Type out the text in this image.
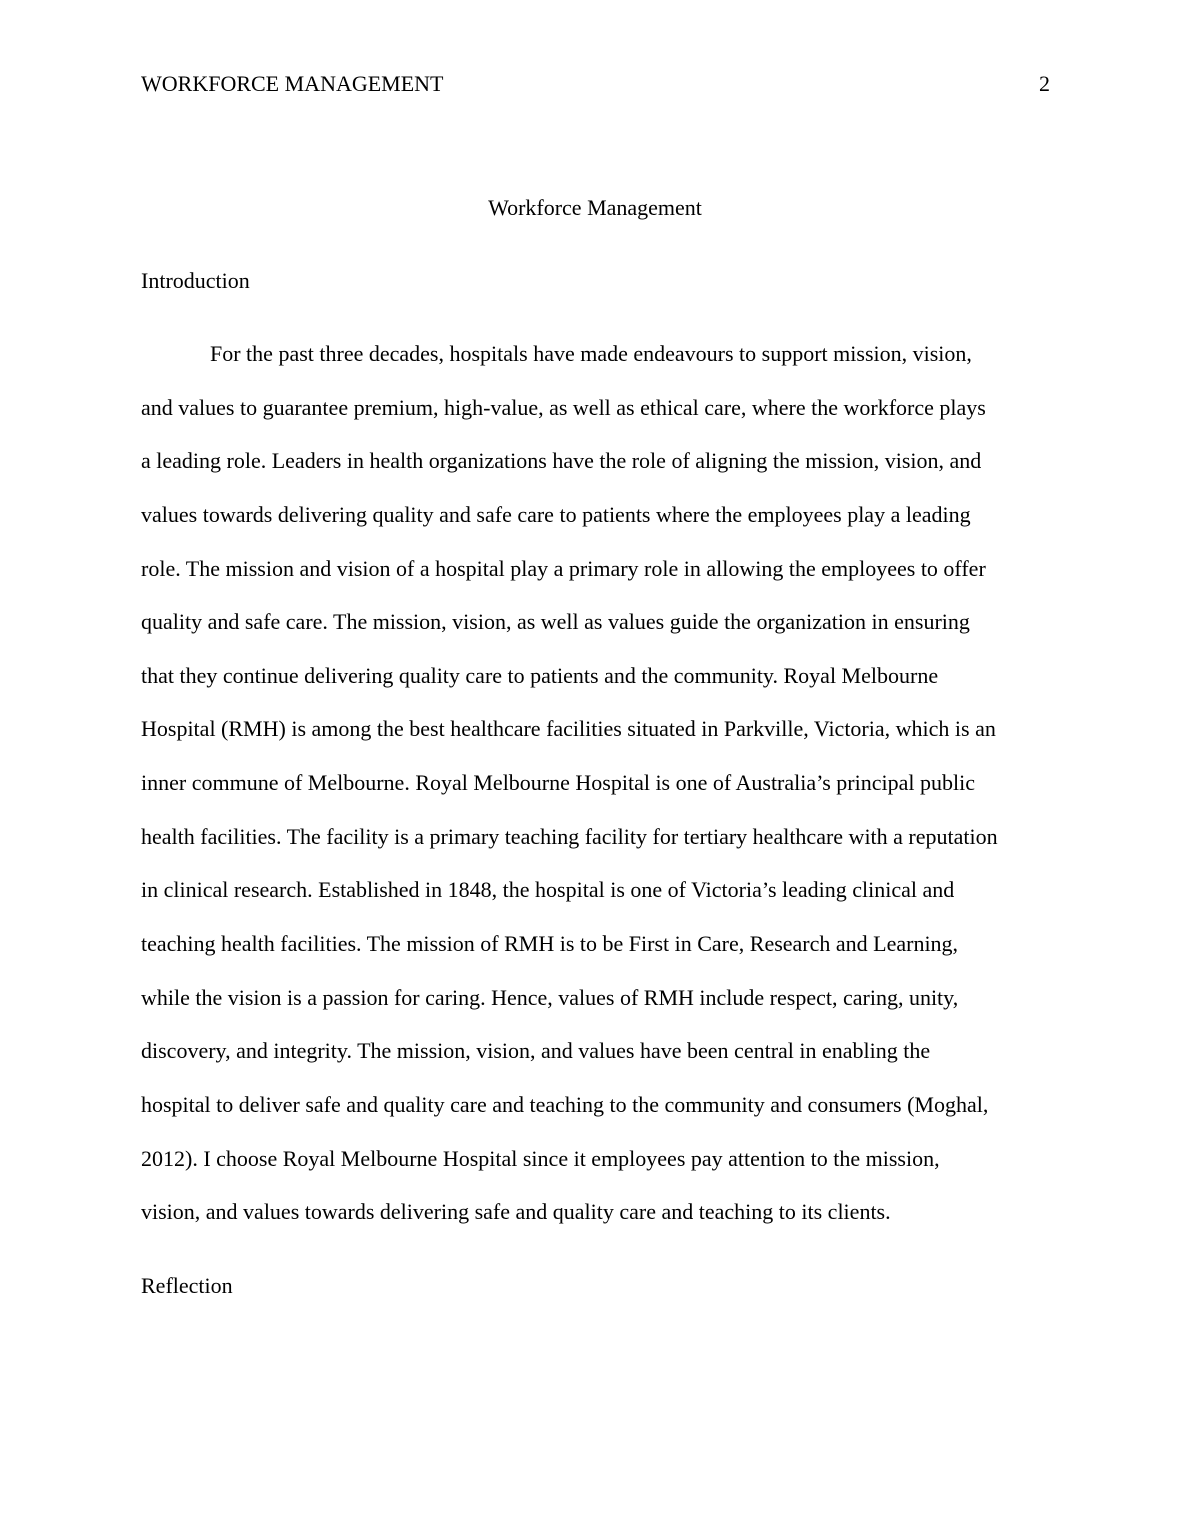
WORKFORCE MANAGEMENT	2
Workforce Management
Introduction
For the past three decades, hospitals have made endeavours to support mission, vision,
and values to guarantee premium, high-value, as well as ethical care, where the workforce plays
a leading role. Leaders in health organizations have the role of aligning the mission, vision, and
values towards delivering quality and safe care to patients where the employees play a leading
role. The mission and vision of a hospital play a primary role in allowing the employees to offer
quality and safe care. The mission, vision, as well as values guide the organization in ensuring
that they continue delivering quality care to patients and the community. Royal Melbourne
Hospital (RMH) is among the best healthcare facilities situated in Parkville, Victoria, which is an
inner commune of Melbourne. Royal Melbourne Hospital is one of Australia’s principal public
health facilities. The facility is a primary teaching facility for tertiary healthcare with a reputation
in clinical research. Established in 1848, the hospital is one of Victoria’s leading clinical and
teaching health facilities. The mission of RMH is to be First in Care, Research and Learning,
while the vision is a passion for caring. Hence, values of RMH include respect, caring, unity,
discovery, and integrity. The mission, vision, and values have been central in enabling the
hospital to deliver safe and quality care and teaching to the community and consumers (Moghal,
2012). I choose Royal Melbourne Hospital since it employees pay attention to the mission,
vision, and values towards delivering safe and quality care and teaching to its clients.
Reflection
